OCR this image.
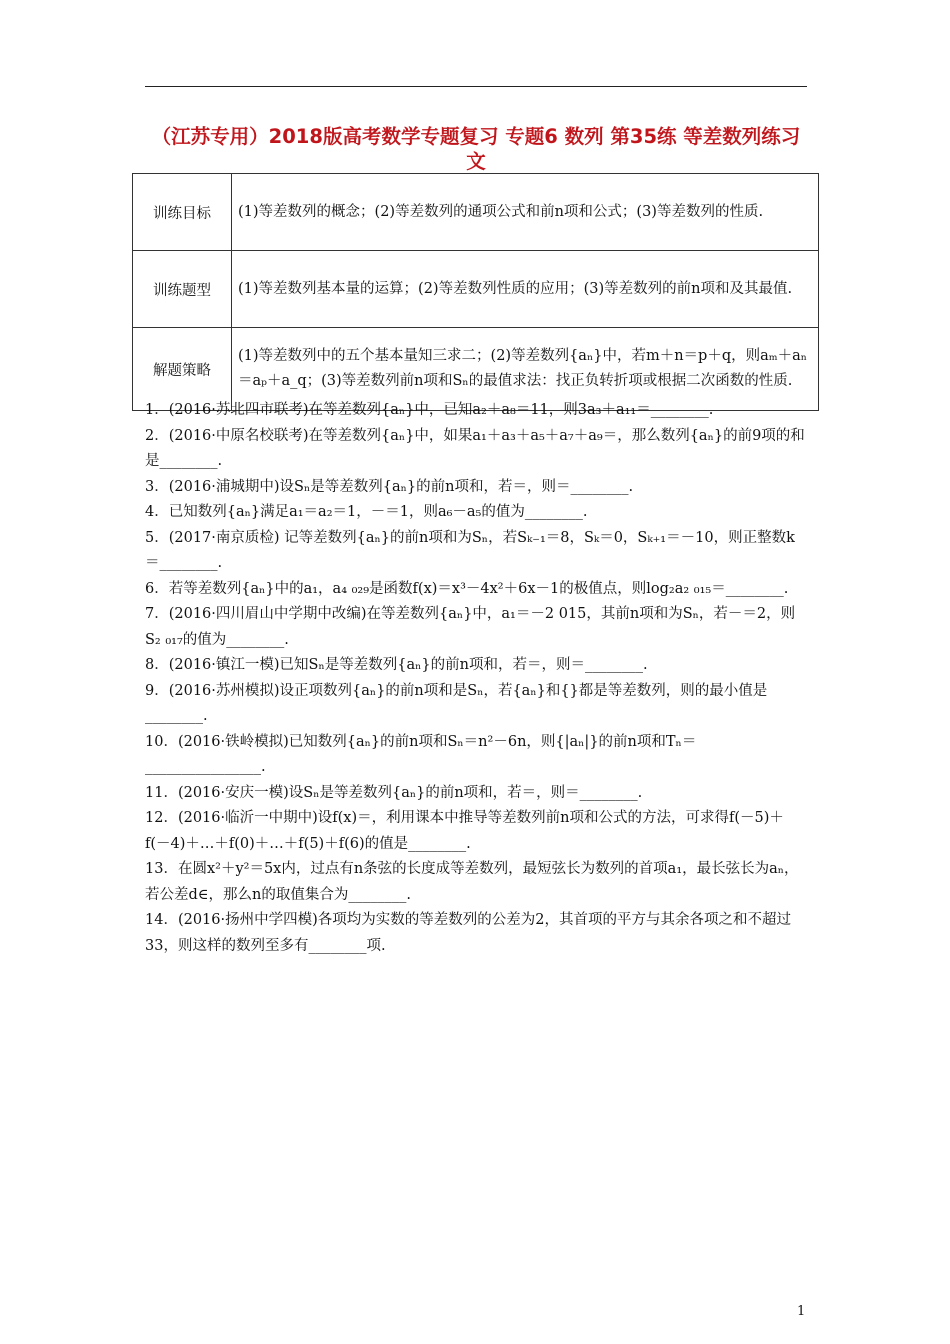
（江苏专用）2018版高考数学专题复习 专题6 数列 第35练 等差数列练习 文
训练目标	(1)等差数列的概念；(2)等差数列的通项公式和前n项和公式；(3)等差数列的性质.
训练题型	(1)等差数列基本量的运算；(2)等差数列性质的应用；(3)等差数列的前n项和及其最值.
解题策略	(1)等差数列中的五个基本量知三求二；(2)等差数列{aₙ}中，若m＋n＝p＋q，则aₘ＋aₙ＝aₚ＋a_q；(3)等差数列前n项和Sₙ的最值求法：找正负转折项或根据二次函数的性质.

1．(2016·苏北四市联考)在等差数列{aₙ}中，已知a₂＋a₈＝11，则3a₃＋a₁₁＝________.

2．(2016·中原名校联考)在等差数列{aₙ}中，如果a₁＋a₃＋a₅＋a₇＋a₉＝，那么数列{aₙ}的前9项的和是________.

3．(2016·浦城期中)设Sₙ是等差数列{aₙ}的前n项和，若＝，则＝________.

4．已知数列{aₙ}满足a₁＝a₂＝1，－＝1，则a₆－a₅的值为________.

5．(2017·南京质检) 记等差数列{aₙ}的前n项和为Sₙ，若Sₖ₋₁＝8，Sₖ＝0，Sₖ₊₁＝－10，则正整数k＝________.

6．若等差数列{aₙ}中的a₁，a₄ ₀₂₉是函数f(x)＝x³－4x²＋6x－1的极值点，则log₂a₂ ₀₁₅＝________.

7．(2016·四川眉山中学期中改编)在等差数列{aₙ}中，a₁＝－2 015，其前n项和为Sₙ，若－＝2，则S₂ ₀₁₇的值为________.

8．(2016·镇江一模)已知Sₙ是等差数列{aₙ}的前n项和，若＝，则＝________.

9．(2016·苏州模拟)设正项数列{aₙ}的前n项和是Sₙ，若{aₙ}和{}都是等差数列，则的最小值是________.

10．(2016·铁岭模拟)已知数列{aₙ}的前n项和Sₙ＝n²－6n，则{|aₙ|}的前n项和Tₙ＝________________.

11．(2016·安庆一模)设Sₙ是等差数列{aₙ}的前n项和，若＝，则＝________.

12．(2016·临沂一中期中)设f(x)＝，利用课本中推导等差数列前n项和公式的方法，可求得f(－5)＋f(－4)＋…＋f(0)＋…＋f(5)＋f(6)的值是________.

13．在圆x²＋y²＝5x内，过点有n条弦的长度成等差数列，最短弦长为数列的首项a₁，最长弦长为aₙ，若公差d∈，那么n的取值集合为________.

14．(2016·扬州中学四模)各项均为实数的等差数列的公差为2，其首项的平方与其余各项之和不超过33，则这样的数列至多有________项.

1
